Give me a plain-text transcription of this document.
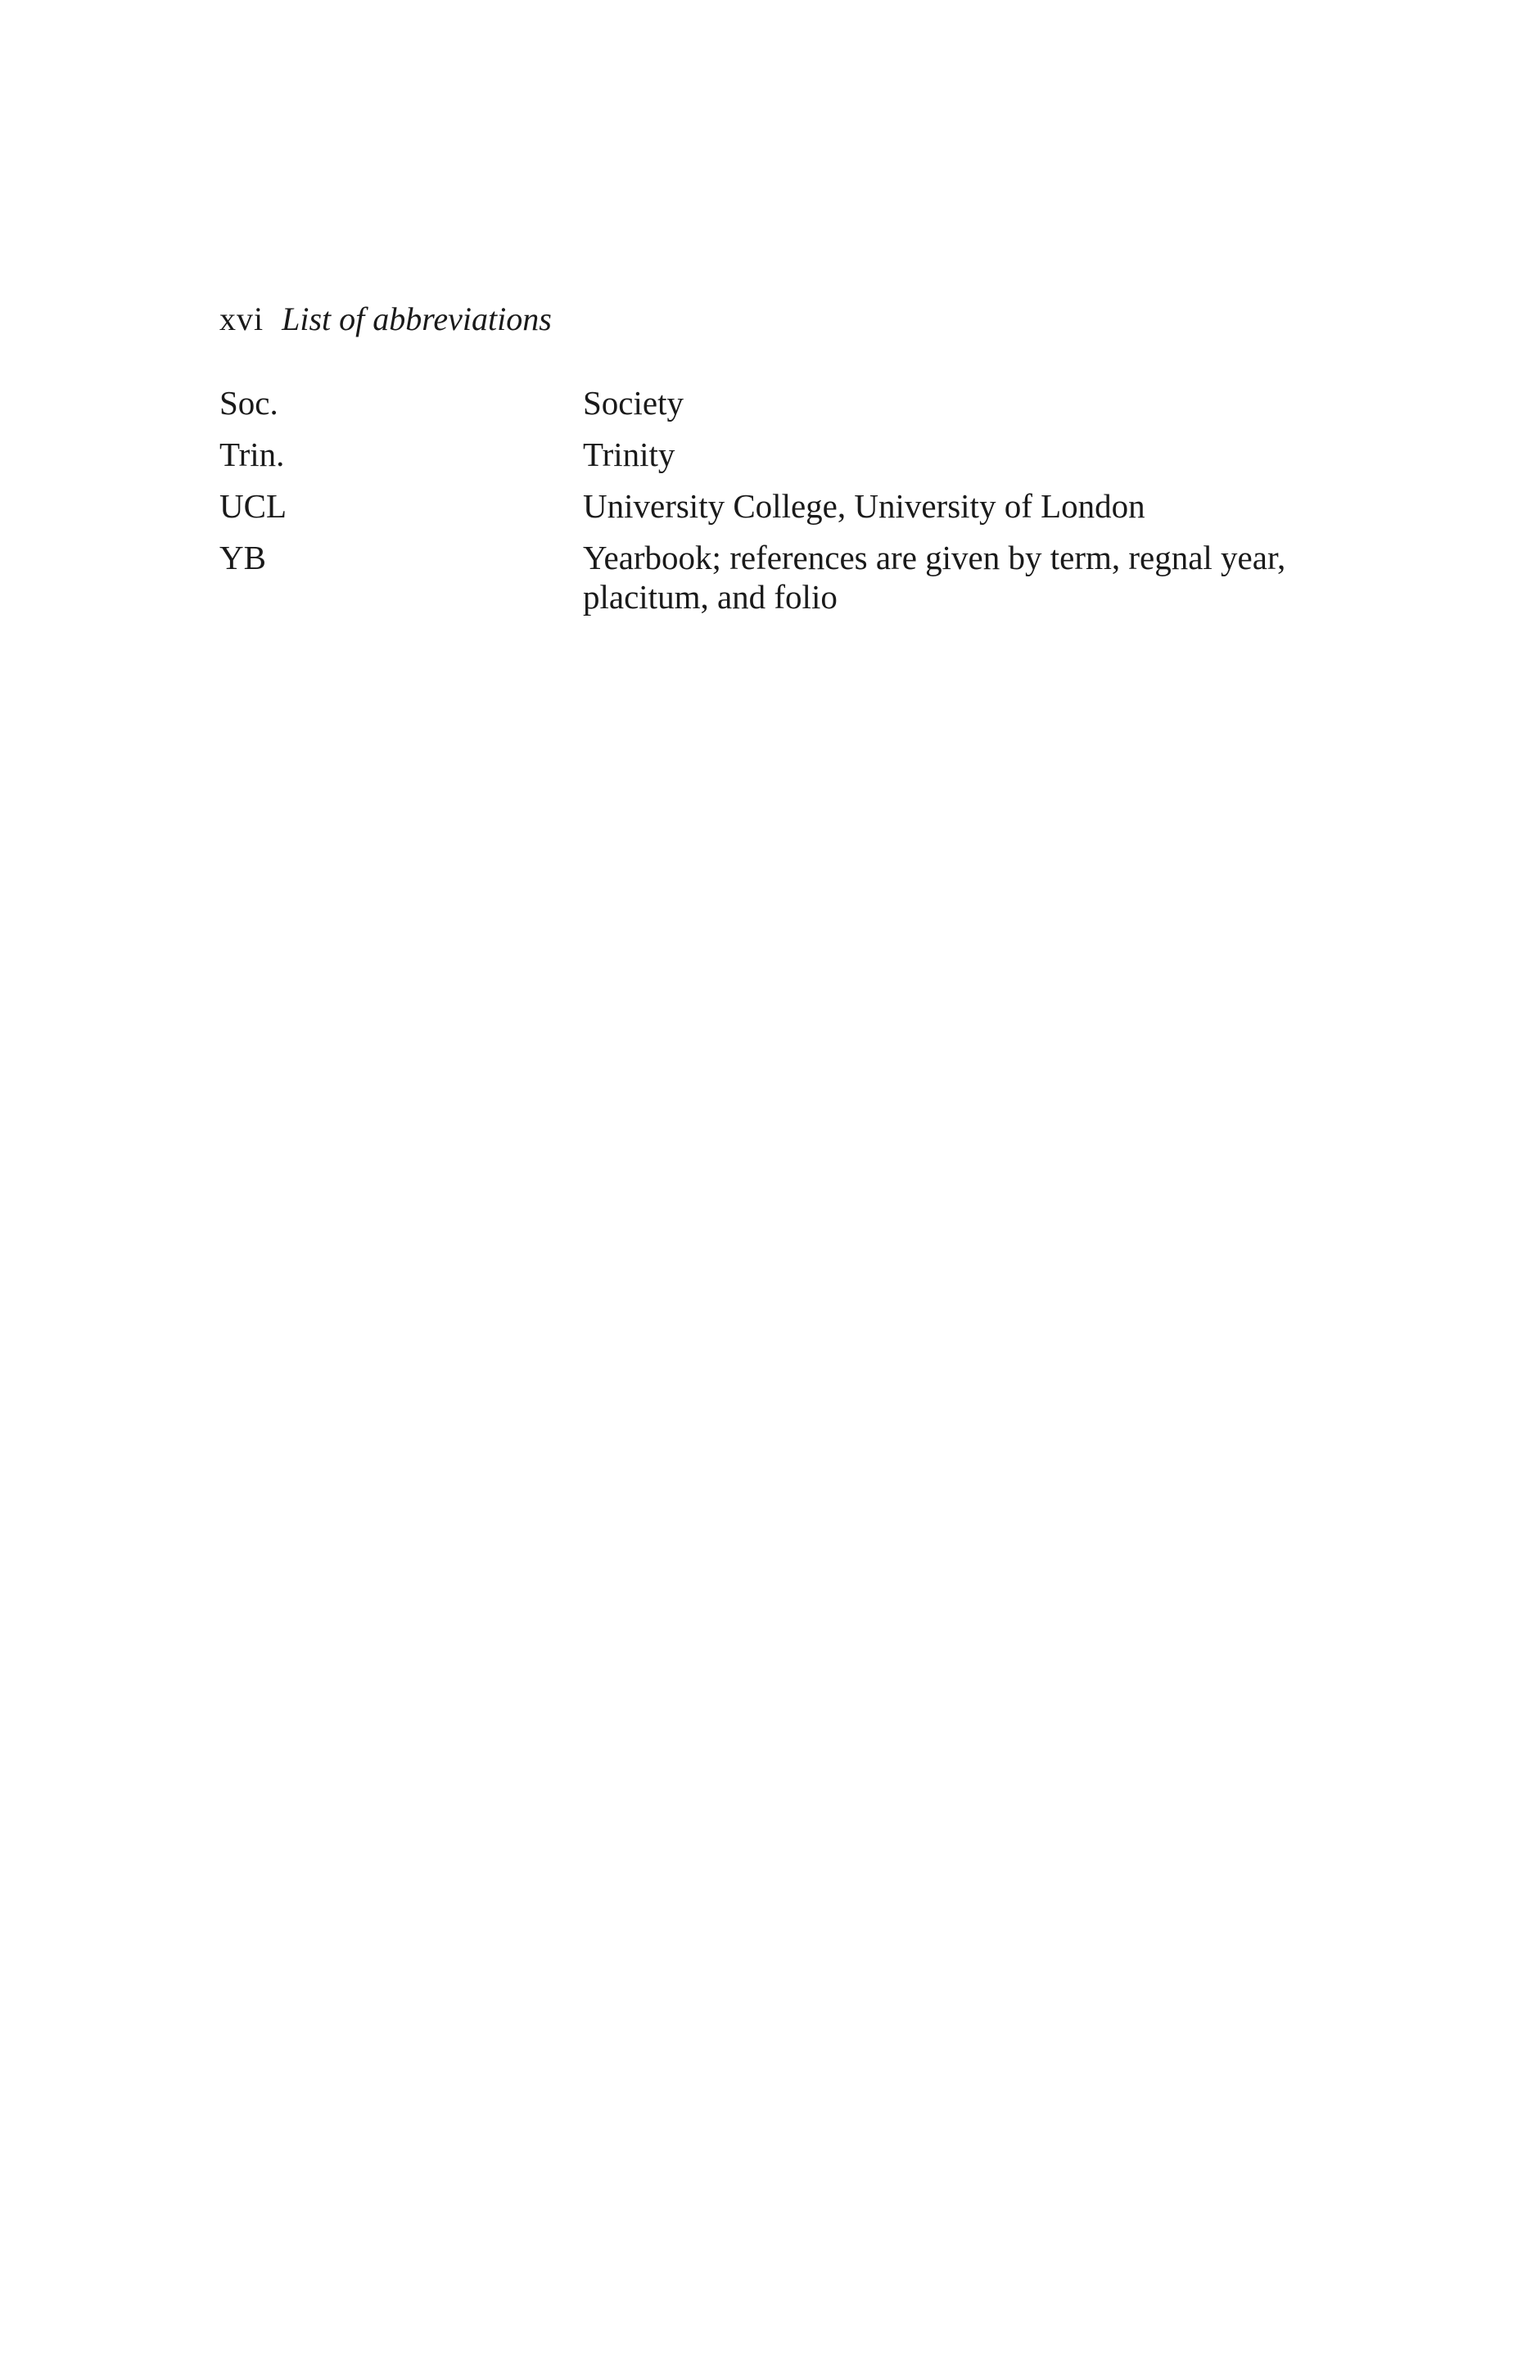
xvi List of abbreviations
Soc.	Society
Trin.	Trinity
UCL	University College, University of London
YB	Yearbook; references are given by term, regnal year, placitum, and folio
